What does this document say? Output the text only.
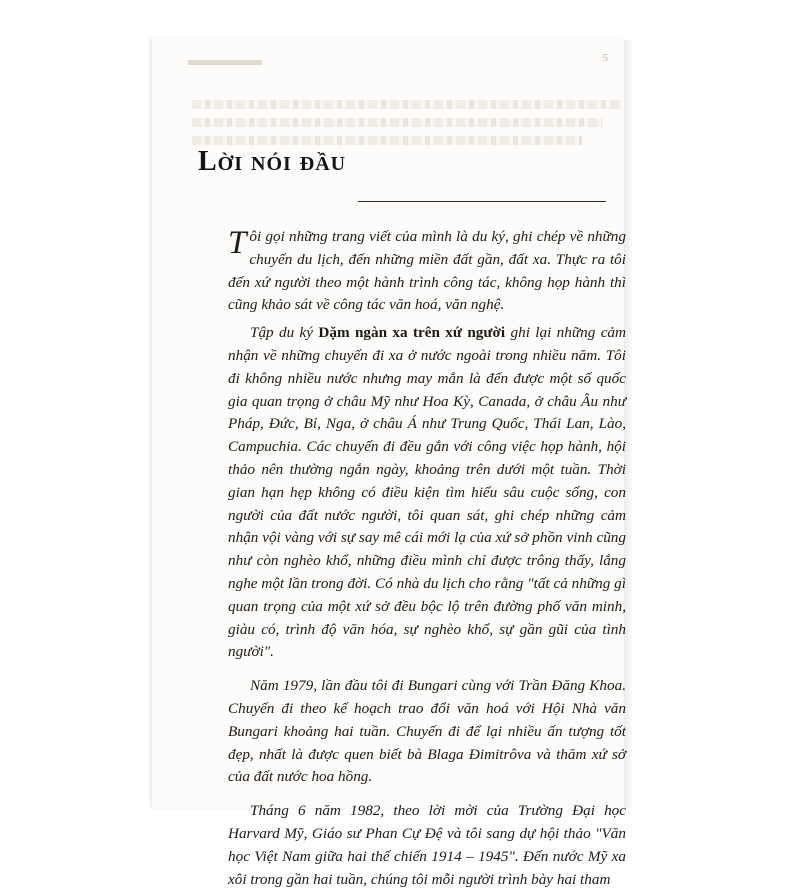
5
Lời nói đầu

Tôi gọi những trang viết của mình là du ký, ghi chép về những chuyến du lịch, đến những miền đất gần, đất xa. Thực ra tôi đến xứ người theo một hành trình công tác, không họp hành thì cũng khảo sát về công tác văn hoá, văn nghệ.

Tập du ký Dặm ngàn xa trên xứ người ghi lại những cảm nhận về những chuyến đi xa ở nước ngoài trong nhiều năm. Tôi đi không nhiều nước nhưng may mắn là đến được một số quốc gia quan trọng ở châu Mỹ như Hoa Kỳ, Canada, ở châu Âu như Pháp, Đức, Bỉ, Nga, ở châu Á như Trung Quốc, Thái Lan, Lào, Campuchia. Các chuyến đi đều gắn với công việc họp hành, hội thảo nên thường ngắn ngày, khoảng trên dưới một tuần. Thời gian hạn hẹp không có điều kiện tìm hiểu sâu cuộc sống, con người của đất nước người, tôi quan sát, ghi chép những cảm nhận vội vàng với sự say mê cái mới lạ của xứ sở phồn vinh cũng như còn nghèo khổ, những điều mình chỉ được trông thấy, lắng nghe một lần trong đời. Có nhà du lịch cho rằng "tất cả những gì quan trọng của một xứ sở đều bộc lộ trên đường phố văn minh, giàu có, trình độ văn hóa, sự nghèo khổ, sự gần gũi của tình người".

Năm 1979, lần đầu tôi đi Bungari cùng với Trần Đăng Khoa. Chuyến đi theo kế hoạch trao đổi văn hoá với Hội Nhà văn Bungari khoảng hai tuần. Chuyến đi để lại nhiều ấn tượng tốt đẹp, nhất là được quen biết bà Blaga Đimitrôva và thăm xứ sở của đất nước hoa hồng.

Tháng 6 năm 1982, theo lời mời của Trường Đại học Harvard Mỹ, Giáo sư Phan Cự Đệ và tôi sang dự hội thảo "Văn học Việt Nam giữa hai thế chiến 1914 – 1945". Đến nước Mỹ xa xôi trong gần hai tuần, chúng tôi mỗi người trình bày hai tham
